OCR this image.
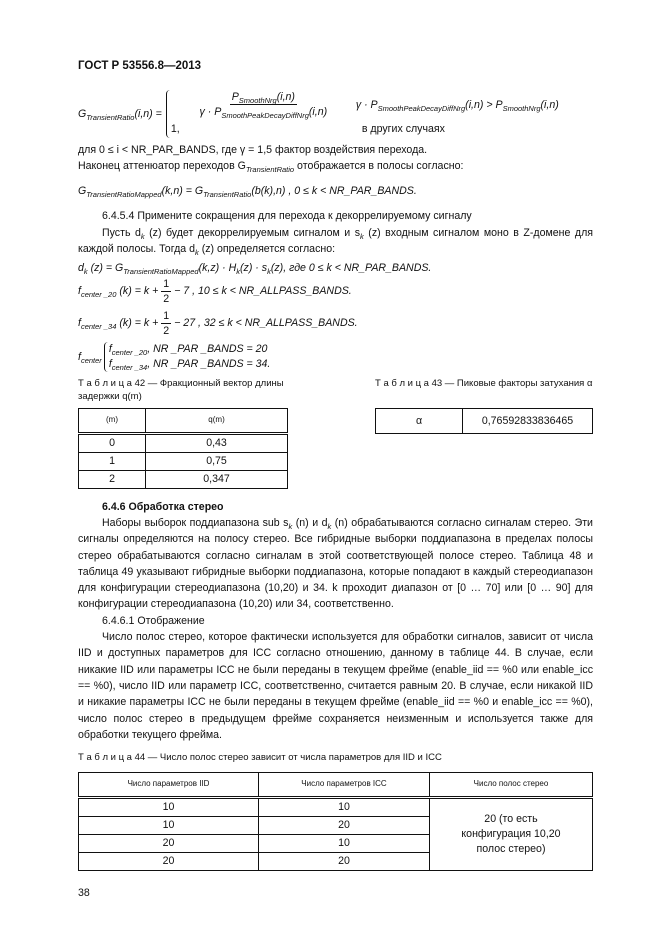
ГОСТ Р 53556.8—2013
$G_{TransientRatio}(i,n)$ =	$\frac{P_{SmoothNrg}(i,n)}{\gamma \cdot P_{SmoothPeakDecayDiffNrg}(i,n)}$	$\gamma \cdot P_{SmoothPeakDecayDiffNrg}(i,n) > P_{SmoothNrg}(i,n)$
1,	в других случаях
для 0 ≤ i < NR_PAR_BANDS, где γ = 1,5 фактор воздействия перехода.
Наконец аттенюатор переходов $G_{TransientRatio}$ отображается в полосы согласно:
$G_{TransientRatioMapped}(k,n) = G_{TransientRatio}(b(k),n)$ , 0 ≤ k < NR_PAR_BANDS.
6.4.5.4 Примените сокращения для перехода к декоррелируемому сигналу
Пусть $d_k$ (z) будет декоррелируемым сигналом и $s_k$ (z) входным сигналом моно в Z-домене для каждой полосы. Тогда $d_k$ (z) определяется согласно:
$d_k$ $(z) = G_{TransientRatioMapped}(k,z) \cdot H_k(z) \cdot s_k(z)$, где 0 ≤ k < NR_PAR_BANDS.
$f_{center \_20}$ $(k) = k + \frac{1}{2} - 7$ , 10 ≤ k < NR_ALLPASS_BANDS.
$f_{center \_34}$ $(k) = k + \frac{1}{2} - 27$ , 32 ≤ k < NR_ALLPASS_BANDS.
$f_{center}$
$f_{center \_20}$, NR _PAR _BANDS = 20
$f_{center \_34}$, NR _PAR _BANDS = 34.
Т а б л и ц а 42 — Фракционный вектор длины задержки q(m)
(m)	q(m)
0	0,43
1	0,75
2	0,347
Т а б л и ц а 43 — Пиковые факторы затухания α
α	0,76592833836465
6.4.6 Обработка стерео
Наборы выборок поддиапазона sub $s_k$ (n) и $d_k$ (n) обрабатываются согласно сигналам стерео. Эти сигналы определяются на полосу стерео. Все гибридные выборки поддиапазона в пределах полосы стерео обрабатываются согласно сигналам в этой соответствующей полосе стерео. Таблица 48 и таблица 49 указывают гибридные выборки поддиапазона, которые попадают в каждый стереодиапазон для конфигурации стереодиапазона (10,20) и 34. k проходит диапазон от [0 … 70] или [0 … 90] для конфигурации стереодиапазона (10,20) или 34, соответственно.
6.4.6.1 Отображение
Число полос стерео, которое фактически используется для обработки сигналов, зависит от числа IID и доступных параметров для ICC согласно отношению, данному в таблице 44. В случае, если никакие IID или параметры ICC не были переданы в текущем фрейме (enable_iid == %0 или enable_icc == %0), число IID или параметр ICC, соответственно, считается равным 20. В случае, если никакой IID и никакие параметры ICC не были переданы в текущем фрейме (enable_iid == %0 и enable_icc == %0), число полос стерео в предыдущем фрейме сохраняется неизменным и используется также для обработки текущего фрейма.
Т а б л и ц а 44 — Число полос стерео зависит от числа параметров для IID и ICC
Число параметров IID	Число параметров ICC	Число полос стерео
10	10	20 (то есть конфигурация 10,20 полос стерео)
10	20	
20	10	
20	20	
38
